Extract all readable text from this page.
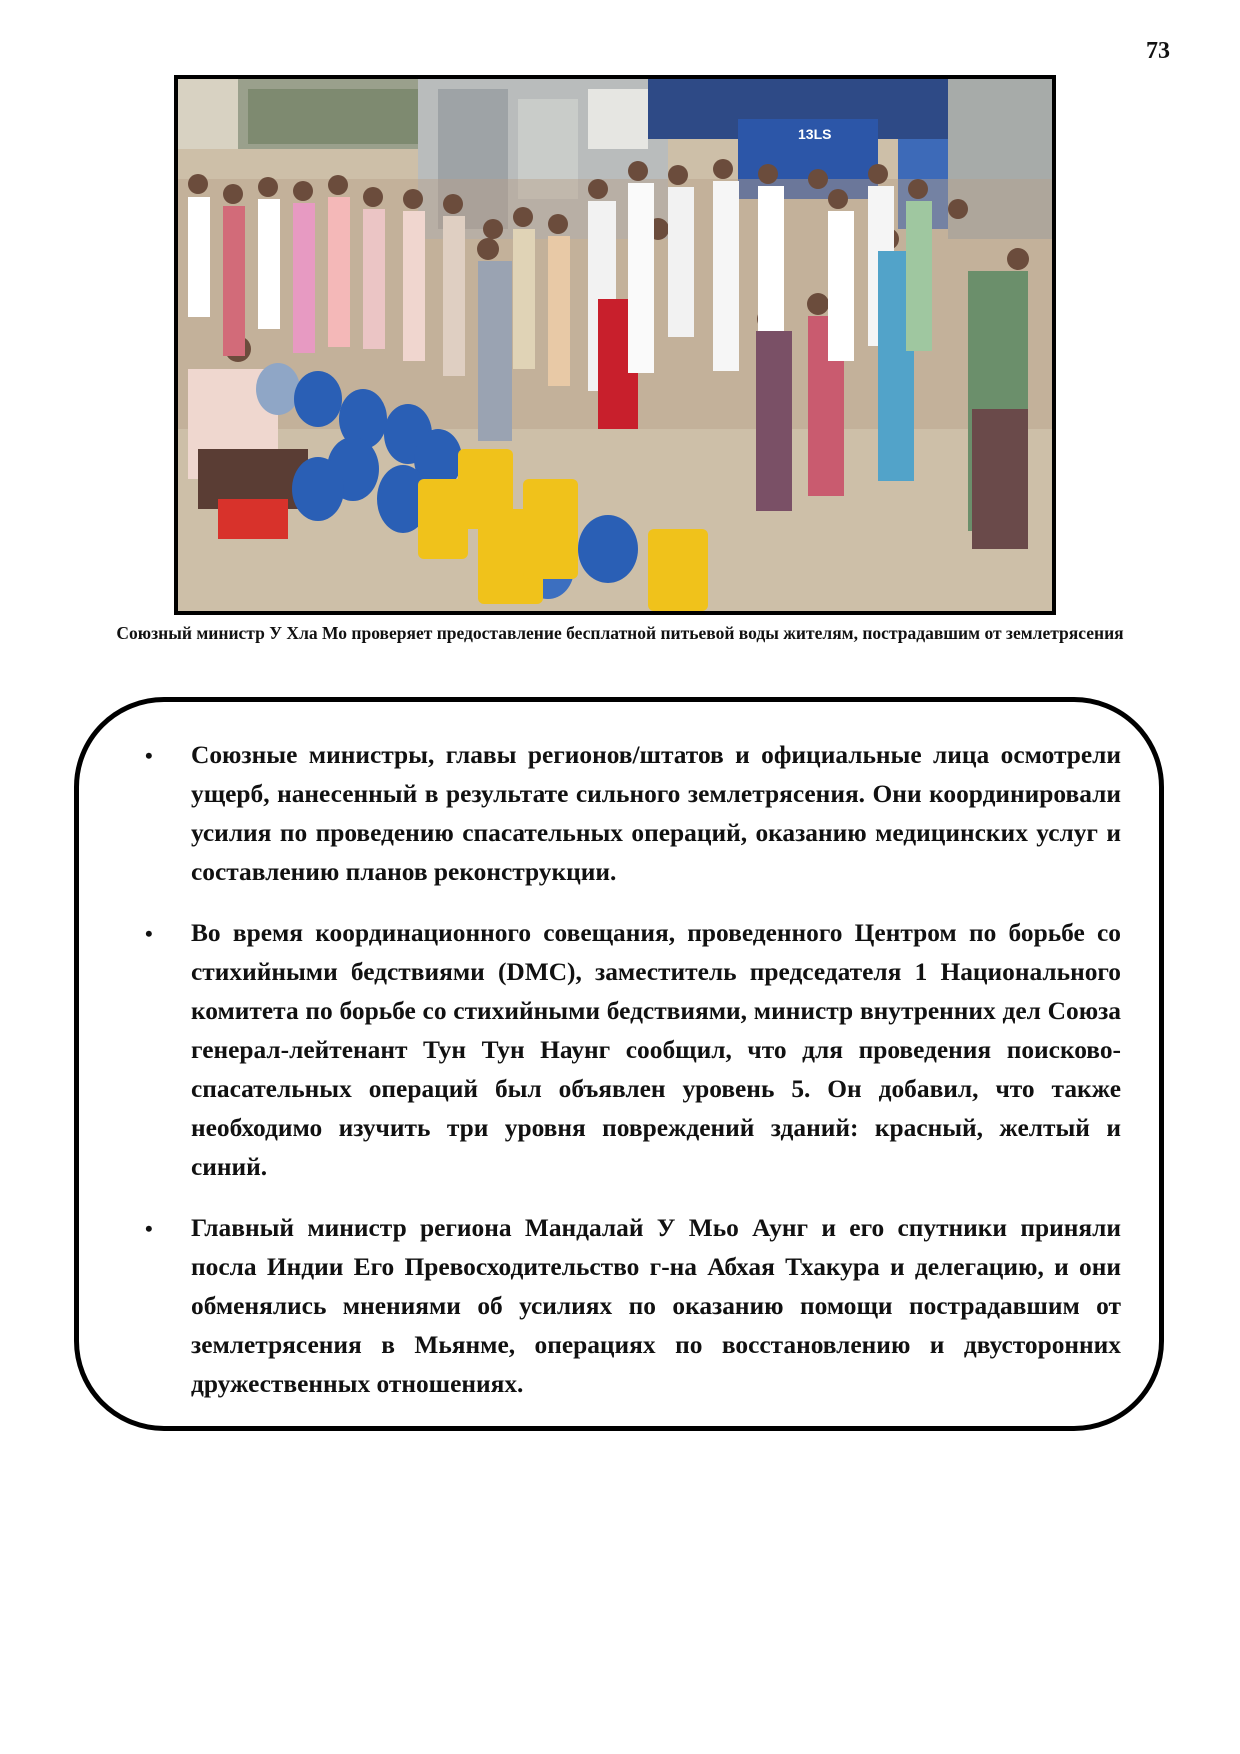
73
13LS
Союзный министр У Хла Мо проверяет предоставление бесплатной питьевой воды жителям, пострадавшим от землетрясения
• Союзные министры, главы регионов/штатов и официальные лица осмотрели ущерб, нанесенный в результате сильного землетрясения. Они координировали усилия по проведению спасательных операций, оказанию медицинских услуг и составлению планов реконструкции.
• Во время координационного совещания, проведенного Центром по борьбе со стихийными бедствиями (DMC), заместитель председателя 1 Национального комитета по борьбе со стихийными бедствиями, министр внутренних дел Союза генерал-лейтенант Тун Тун Наунг сообщил, что для проведения поисково-спасательных операций был объявлен уровень 5. Он добавил, что также необходимо изучить три уровня повреждений зданий: красный, желтый и синий.
• Главный министр региона Мандалай У Мьо Аунг и его спутники приняли посла Индии Его Превосходительство г-на Абхая Тхакура и делегацию, и они обменялись мнениями об усилиях по оказанию помощи пострадавшим от землетрясения в Мьянме, операциях по восстановлению и двусторонних дружественных отношениях.
